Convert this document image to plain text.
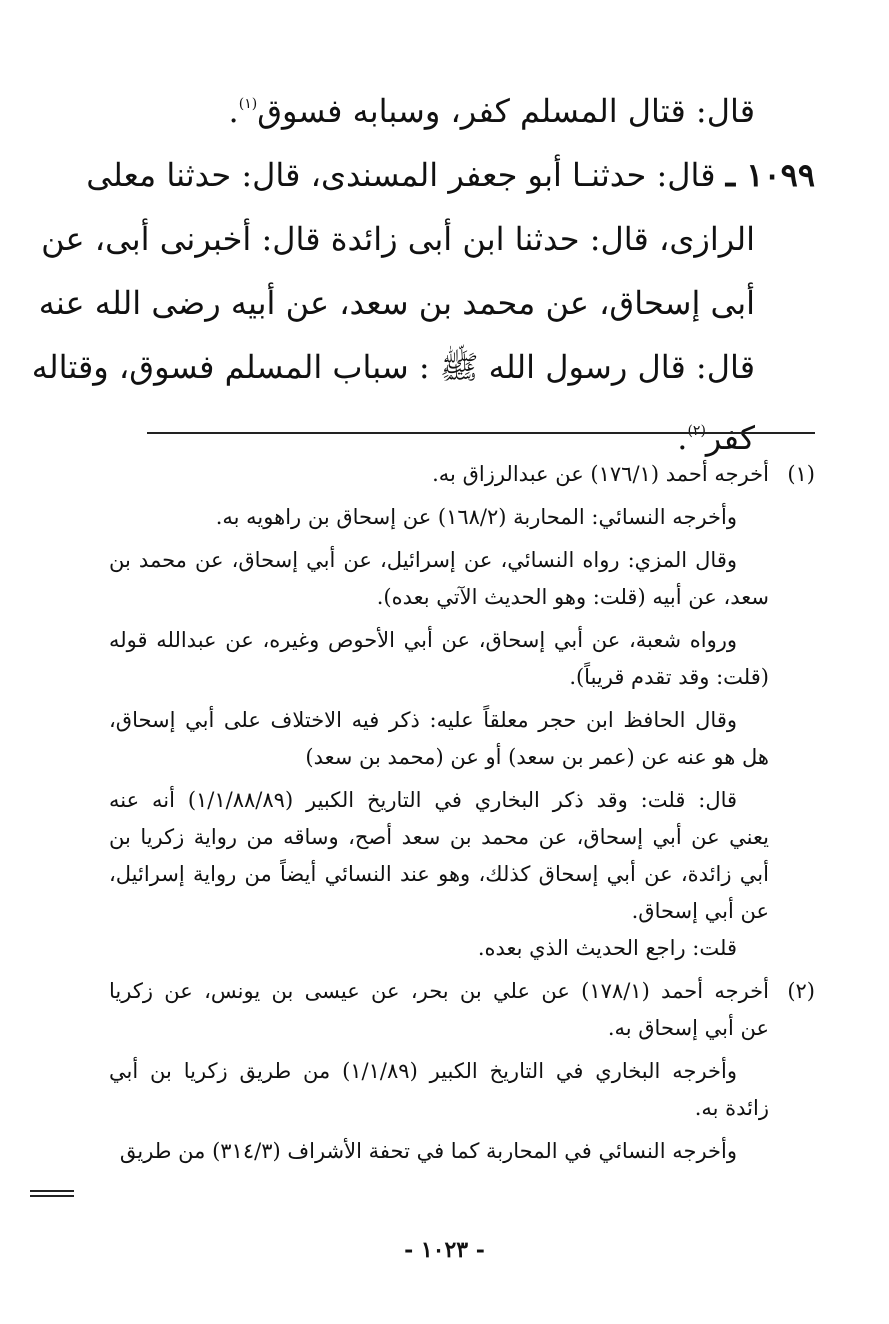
قال: قتال المسلم كفر، وسبابه فسوق$^{(١)}$.
١٠٩٩ ـ قال: حدثنـا أبو جعفر المسندى، قال: حدثنا معلى
الرازى، قال: حدثنا ابن أبى زائدة قال: أخبرنى أبى، عن
أبى إسحاق، عن محمد بن سعد، عن أبيه رضى الله عنه
قال: قال رسول الله ﷺ : سباب المسلم فسوق، وقتاله
كفر$^{(٢)}$.
(١)أخرجه أحمد (١٧٦/١) عن عبدالرزاق به.
وأخرجه النسائي: المحاربة (١٦٨/٢) عن إسحاق بن راهويه به.
وقال المزي: رواه النسائي، عن إسرائيل، عن أبي إسحاق، عن محمد بن
سعد، عن أبيه (قلت: وهو الحديث الآتي بعده).
ورواه شعبة، عن أبي إسحاق، عن أبي الأحوص وغيره، عن عبدالله قوله
(قلت: وقد تقدم قريباً).
وقال الحافظ ابن حجر معلقاً عليه: ذكر فيه الاختلاف على أبي إسحاق،
هل هو عنه عن (عمر بن سعد) أو عن (محمد بن سعد)
قال: قلت: وقد ذكر البخاري في التاريخ الكبير (١/١/٨٨/٨٩) أنه عنه
يعني عن أبي إسحاق، عن محمد بن سعد أصح، وساقه من رواية زكريا بن
أبي زائدة، عن أبي إسحاق كذلك، وهو عند النسائي أيضاً من رواية إسرائيل،
عن أبي إسحاق.
قلت: راجع الحديث الذي بعده.
(٢)أخرجه أحمد (١٧٨/١) عن علي بن بحر، عن عيسى بن يونس، عن زكريا
عن أبي إسحاق به.
وأخرجه البخاري في التاريخ الكبير (١/١/٨٩) من طريق زكريا بن أبي
زائدة به.
وأخرجه النسائي في المحاربة كما في تحفة الأشراف (٣١٤/٣) من طريق
- ١٠٢٣ -
